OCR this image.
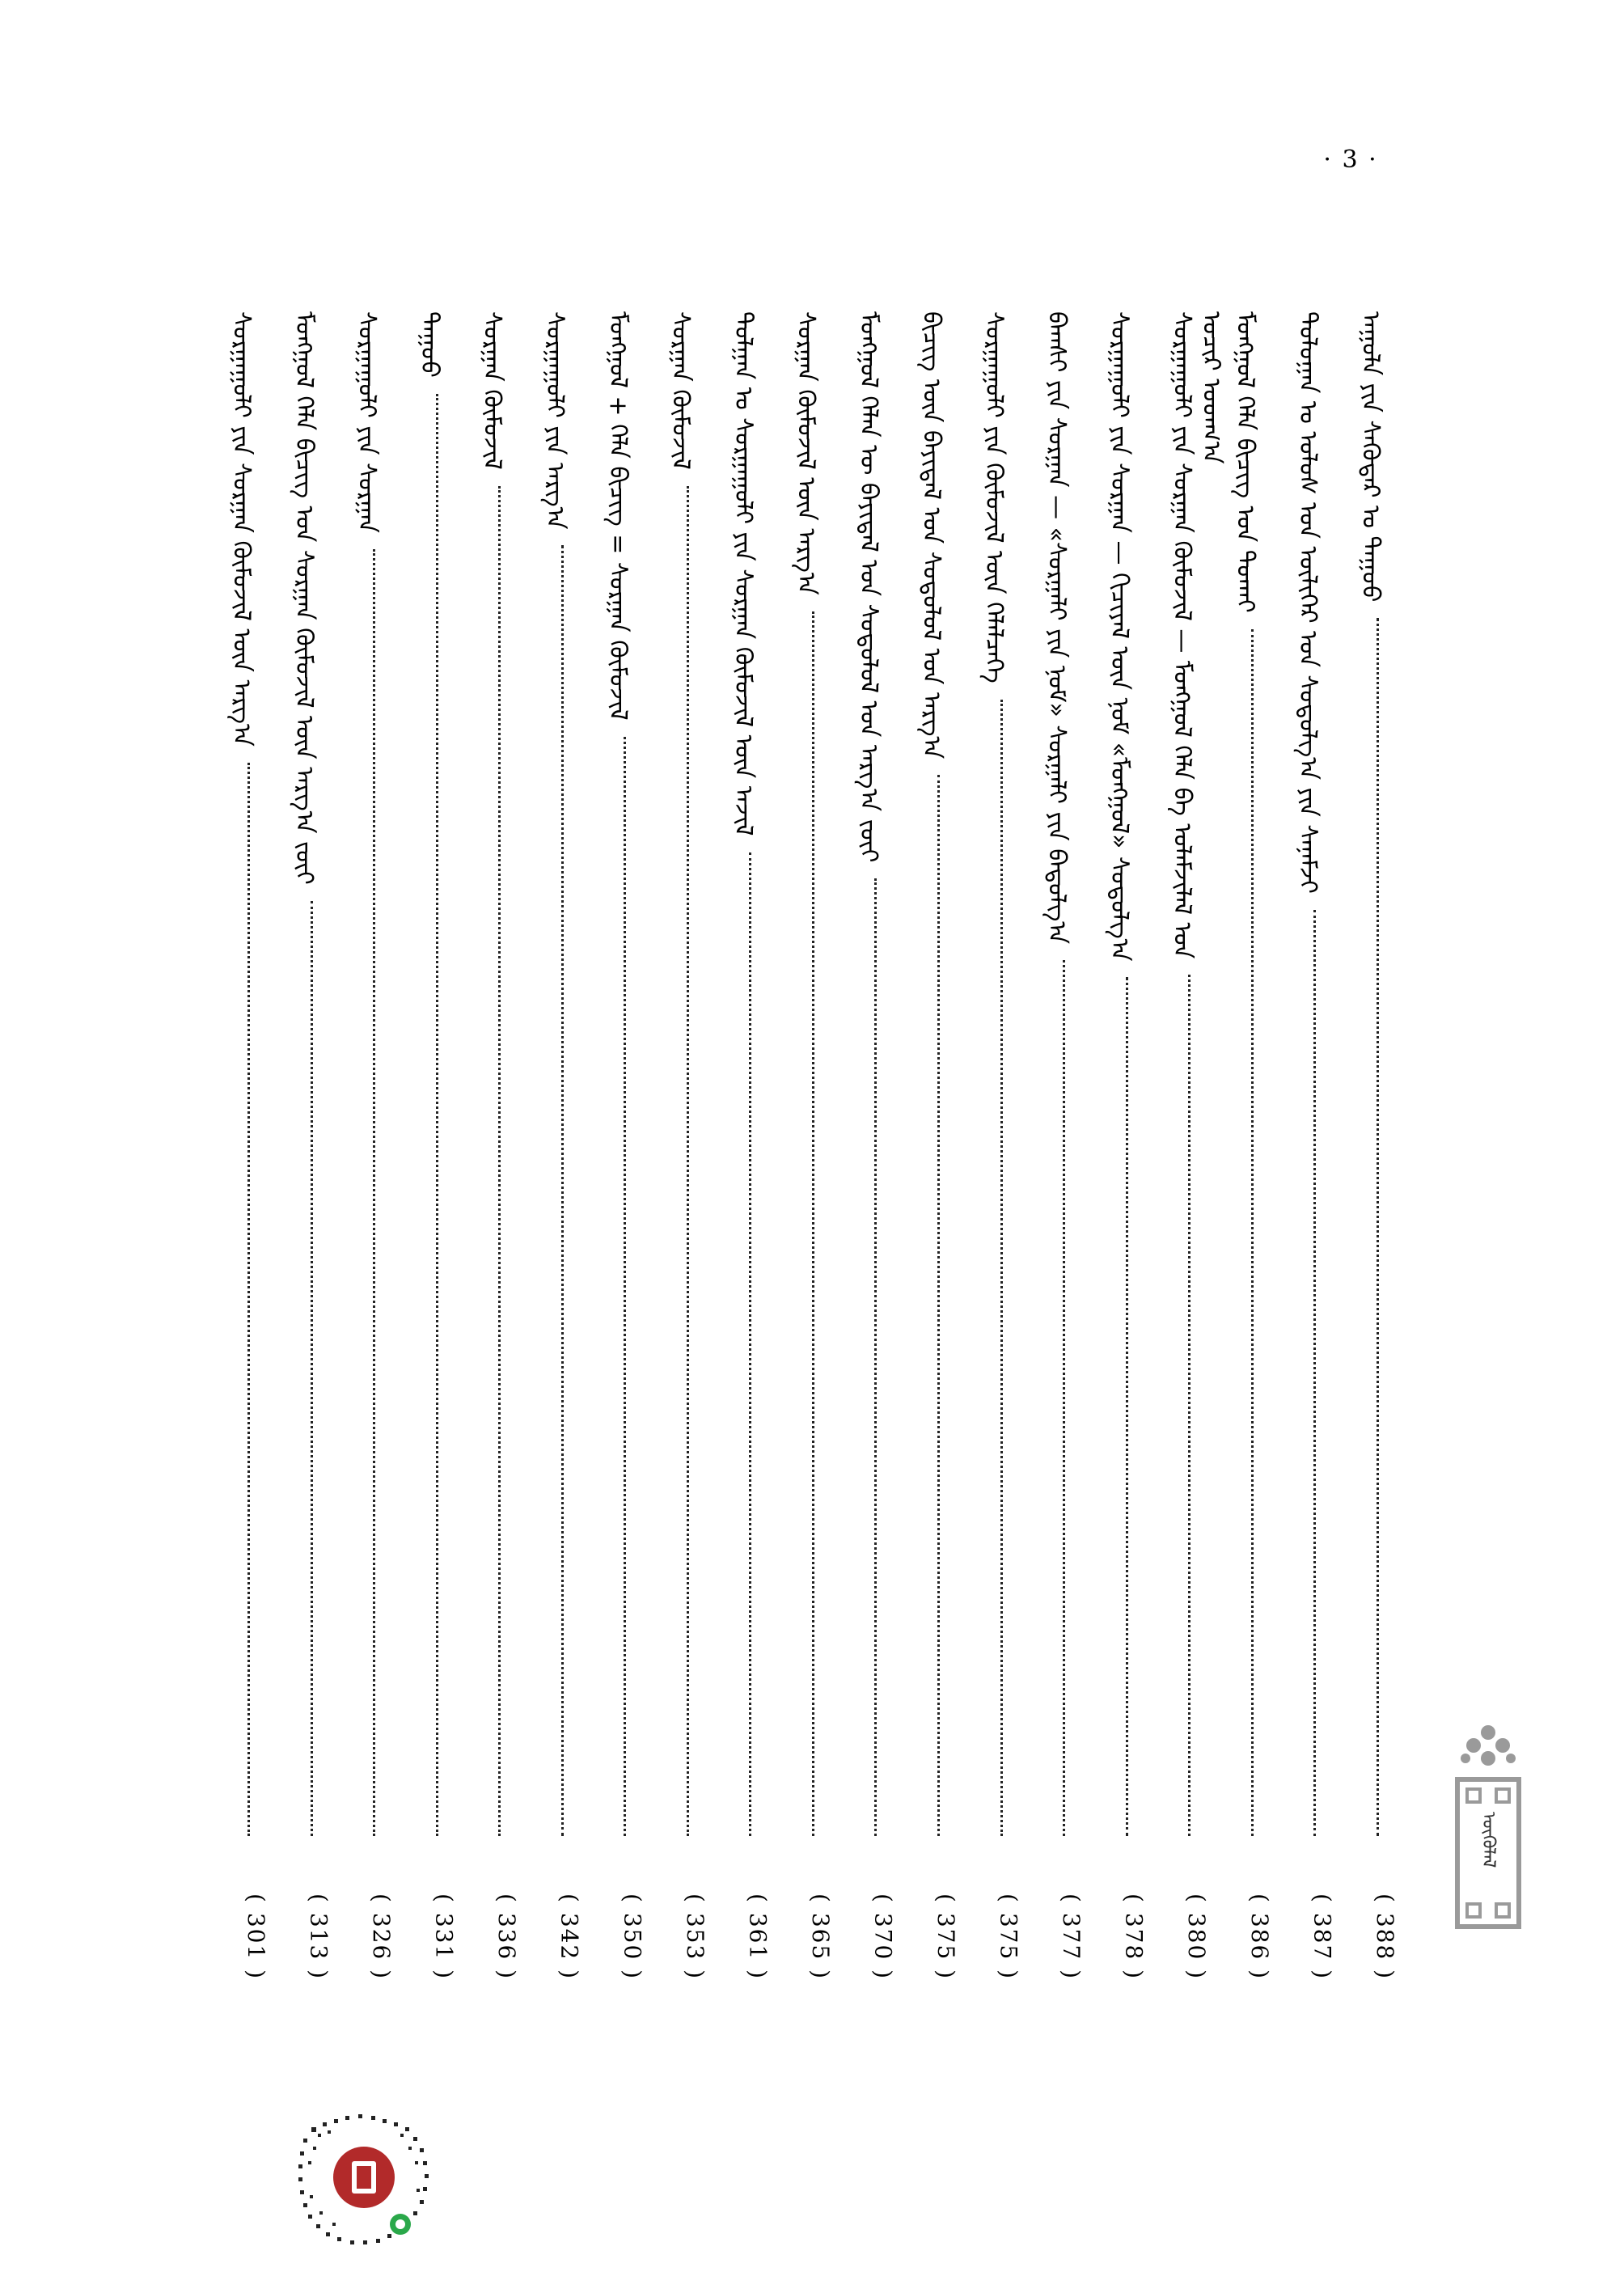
· 3 ·
ᠠᠭᠤᠯᠠ ᠶᠢᠨ ᠰᠡᠭᠦᠳᠡᠷ ᠤ ᠳᠠᠭᠤᠤ
( 388 )
ᠳᠤᠯᠤᠭᠠᠨ ᠤ ᠤᠯᠤᠰ ᠤᠨ ᠦᠯᠢᠭᠡᠷ ᠤᠨ ᠰᠤᠳᠤᠯᠭ᠎ᠠ ᠶᠢᠨ ᠰᠠᠨᠠᠮᠵᠢ
( 387 )
ᠮᠣᠩᠭᠣᠯ ᠬᠡᠯᠡ ᠪᠢᠴᠢᠭ ᠤᠨ ᠲᠤᠬᠠᠢ
( 386 )
ᠰᠤᠷᠭᠠᠭᠤᠯᠢ ᠶᠢᠨ ᠰᠤᠷᠭᠠᠨ ᠬᠦᠮᠦᠵᠢᠯ — ᠮᠣᠩᠭᠣᠯ ᠬᠡᠯᠡ ᠪᠠ ᠤᠯᠠᠮᠵᠢᠯᠠᠯ ᠤᠨ ᠤᠴᠢᠷ ᠤᠳᠬ᠎ᠠ
( 380 )
ᠰᠤᠷᠭᠠᠭᠤᠯᠢ ᠶᠢᠨ ᠰᠤᠷᠭᠠᠨ — ᠬᠢᠴᠢᠶᠡᠯ ᠦᠨ ᠨᠣᠮ «ᠮᠣᠩᠭᠣᠯ» ᠰᠤᠳᠤᠯᠭ᠎ᠠ
( 378 )
ᠪᠠᠭᠰᠢ ᠶᠢᠨ ᠰᠤᠷᠭᠠᠨ — «ᠰᠤᠷᠭᠠᠯᠢ ᠶᠢᠨ ᠨᠣᠮ» ᠰᠤᠷᠭᠠᠯᠢ ᠶᠢᠨ ᠪᠠᠳᠤᠯᠭ᠎ᠠ
( 377 )
ᠰᠤᠷᠭᠠᠭᠤᠯᠢ ᠶᠢᠨ ᠬᠦᠮᠦᠵᠢᠯ ᠦᠨ ᠬᠡᠯᠡᠯᠴᠡᠭᠡ
( 375 )
ᠪᠢᠴᠢᠭ ᠦᠨ ᠪᠠᠶᠢᠳᠠᠯ ᠤᠨ ᠰᠤᠳᠤᠯᠤᠯ ᠤᠨ ᠠᠷᠭ᠎ᠠ
( 375 )
ᠮᠣᠩᠭᠣᠯ ᠬᠡᠯᠡᠨ ᠦ ᠪᠠᠶᠢᠳᠠᠯ ᠤᠨ ᠰᠤᠳᠤᠯᠤᠯ ᠤᠨ ᠠᠷᠭ᠎ᠠ ᠵᠦᠢ
( 370 )
ᠰᠤᠷᠭᠠᠨ ᠬᠦᠮᠦᠵᠢᠯ ᠦᠨ ᠠᠷᠭ᠎ᠠ
( 365 )
ᠲᠤᠯᠭᠠᠨ ᠤ ᠰᠤᠷᠭᠠᠭᠤᠯᠢ ᠶᠢᠨ ᠰᠤᠷᠭᠠᠨ ᠬᠦᠮᠦᠵᠢᠯ ᠦᠨ ᠠᠵᠢᠯ
( 361 )
ᠰᠤᠷᠭᠠᠨ ᠬᠦᠮᠦᠵᠢᠯ
( 353 )
ᠮᠣᠩᠭᠣᠯ + ᠬᠡᠯᠡ ᠪᠢᠴᠢᠭ = ᠰᠤᠷᠭᠠᠨ ᠬᠦᠮᠦᠵᠢᠯ
( 350 )
ᠰᠤᠷᠭᠠᠭᠤᠯᠢ ᠶᠢᠨ ᠠᠷᠭ᠎ᠠ
( 342 )
ᠰᠤᠷᠭᠠᠨ ᠬᠦᠮᠦᠵᠢᠯ
( 336 )
ᠳᠠᠭᠤᠤ
( 331 )
ᠰᠤᠷᠭᠠᠭᠤᠯᠢ ᠶᠢᠨ ᠰᠤᠷᠭᠠᠨ
( 326 )
ᠮᠣᠩᠭᠣᠯ ᠬᠡᠯᠡ ᠪᠢᠴᠢᠭ ᠤᠨ ᠰᠤᠷᠭᠠᠨ ᠬᠦᠮᠦᠵᠢᠯ ᠦᠨ ᠠᠷᠭ᠎ᠠ ᠵᠦᠢ
( 313 )
ᠰᠤᠷᠭᠠᠭᠤᠯᠢ ᠶᠢᠨ ᠰᠤᠷᠭᠠᠨ ᠬᠦᠮᠦᠵᠢᠯ ᠦᠨ ᠠᠷᠭ᠎ᠠ
( 301 )
ᠦᠭᠦᠯᠡᠯ
